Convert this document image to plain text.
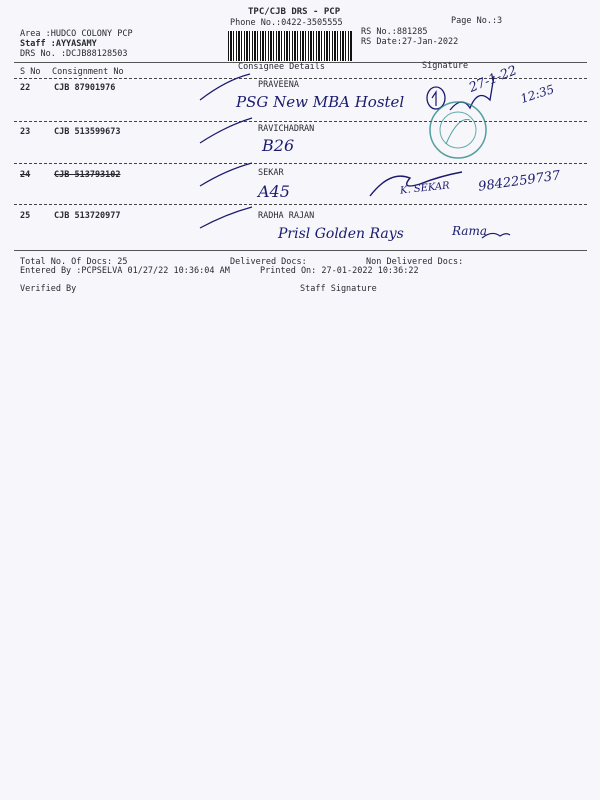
TPC/CJB DRS - PCP
Phone No.:0422-3505555	Page No.:3
Area :HUDCO COLONY PCP
Staff :AYYASAMY
DRS No. :DCJB88128503
RS No.:881285
RS Date:27-Jan-2022
Consignee Details	Signature
S No Consignment No
22	CJB 87901976	PRAVEENA
PSG New MBA Hostel
23	CJB 513599673	RAVICHADRAN
B26
24	CJB 513793102	SEKAR
A45
25	CJB 513720977	RADHA RAJAN
Prisl Golden Rays
27-1-22 12:35
K. SEKAR 9842259737
Rama
Total No. Of Docs: 25	Delivered Docs:	Non Delivered Docs:
Entered By :PCPSELVA 01/27/22 10:36:04 AM	Printed On: 27-01-2022 10:36:22
Verified By	Staff Signature
